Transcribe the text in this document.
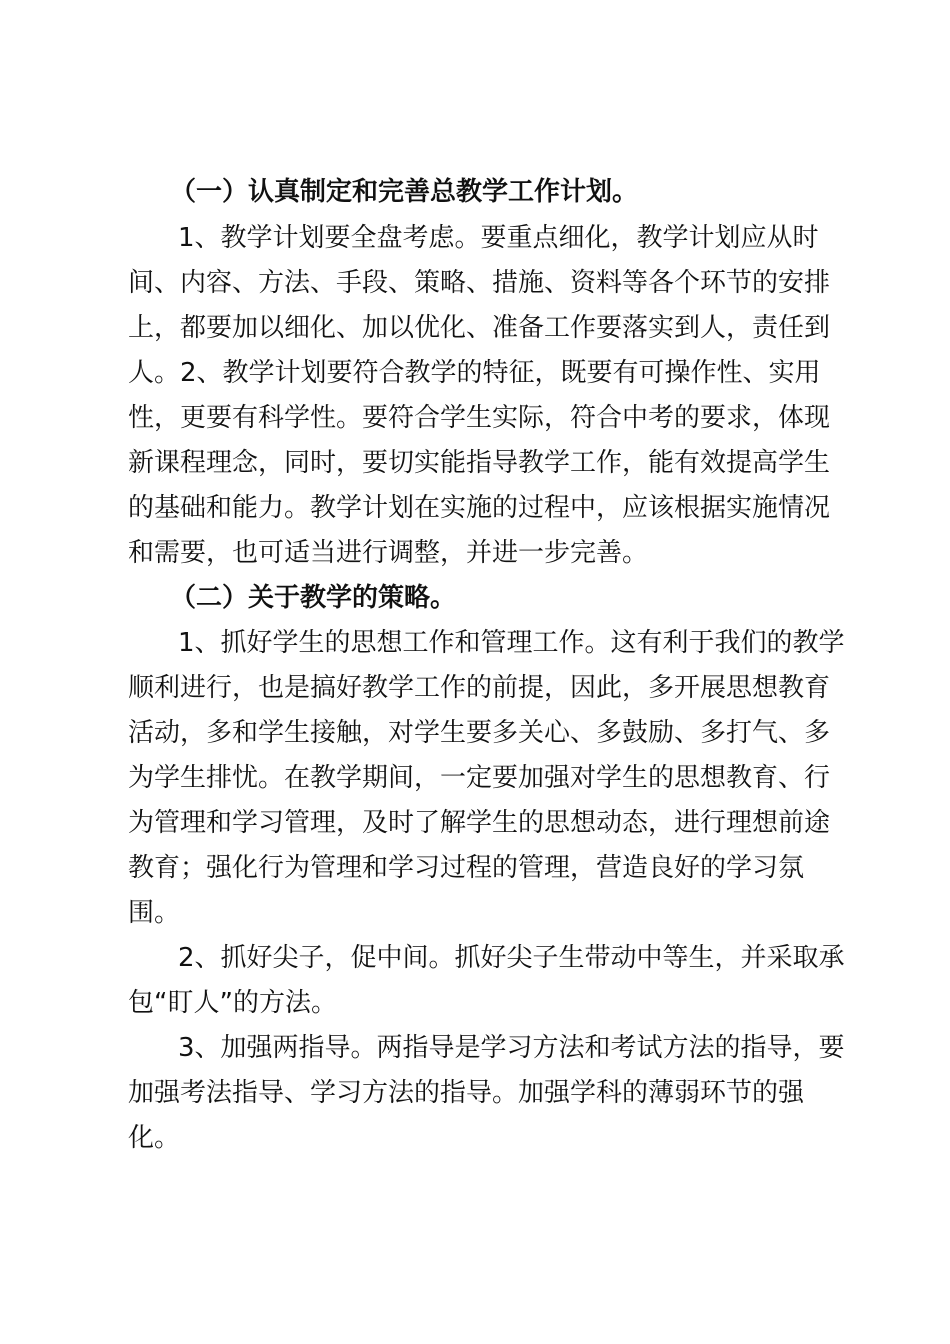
（一）认真制定和完善总教学工作计划。
1、教学计划要全盘考虑。要重点细化，教学计划应从时
间、内容、方法、手段、策略、措施、资料等各个环节的安排
上，都要加以细化、加以优化、准备工作要落实到人，责任到
人。2、教学计划要符合教学的特征，既要有可操作性、实用
性，更要有科学性。要符合学生实际，符合中考的要求，体现
新课程理念，同时，要切实能指导教学工作，能有效提高学生
的基础和能力。教学计划在实施的过程中，应该根据实施情况
和需要，也可适当进行调整，并进一步完善。
（二）关于教学的策略。
1、抓好学生的思想工作和管理工作。这有利于我们的教学
顺利进行，也是搞好教学工作的前提，因此，多开展思想教育
活动，多和学生接触，对学生要多关心、多鼓励、多打气、多
为学生排忧。在教学期间，一定要加强对学生的思想教育、行
为管理和学习管理，及时了解学生的思想动态，进行理想前途
教育；强化行为管理和学习过程的管理，营造良好的学习氛
围。
2、抓好尖子，促中间。抓好尖子生带动中等生，并采取承
包“盯人”的方法。
3、加强两指导。两指导是学习方法和考试方法的指导，要
加强考法指导、学习方法的指导。加强学科的薄弱环节的强
化。
